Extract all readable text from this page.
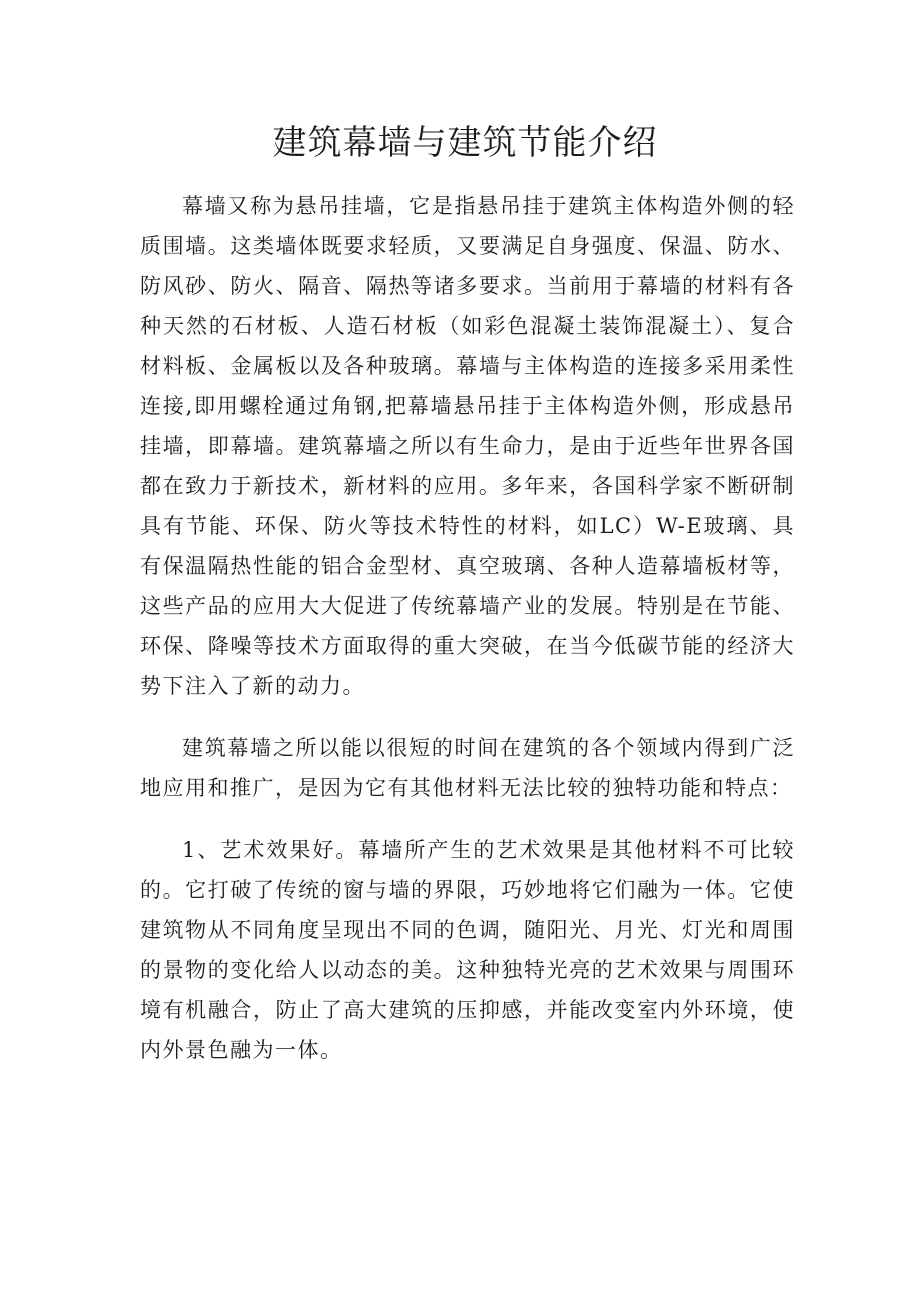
建筑幕墙与建筑节能介绍

幕墙又称为悬吊挂墙，它是指悬吊挂于建筑主体构造外侧的轻质围墙。这类墙体既要求轻质，又要满足自身强度、保温、防水、防风砂、防火、隔音、隔热等诸多要求。当前用于幕墙的材料有各种天然的石材板、人造石材板（如彩色混凝土装饰混凝土）、复合材料板、金属板以及各种玻璃。幕墙与主体构造的连接多采用柔性连接,即用螺栓通过角钢,把幕墙悬吊挂于主体构造外侧，形成悬吊挂墙，即幕墙。建筑幕墙之所以有生命力，是由于近些年世界各国都在致力于新技术，新材料的应用。多年来，各国科学家不断研制具有节能、环保、防火等技术特性的材料，如LC）W-E玻璃、具有保温隔热性能的铝合金型材、真空玻璃、各种人造幕墙板材等，这些产品的应用大大促进了传统幕墙产业的发展。特别是在节能、环保、降噪等技术方面取得的重大突破，在当今低碳节能的经济大势下注入了新的动力。

建筑幕墙之所以能以很短的时间在建筑的各个领域内得到广泛地应用和推广，是因为它有其他材料无法比较的独特功能和特点：

1、艺术效果好。幕墙所产生的艺术效果是其他材料不可比较的。它打破了传统的窗与墙的界限，巧妙地将它们融为一体。它使建筑物从不同角度呈现出不同的色调，随阳光、月光、灯光和周围的景物的变化给人以动态的美。这种独特光亮的艺术效果与周围环境有机融合，防止了高大建筑的压抑感，并能改变室内外环境，使内外景色融为一体。
